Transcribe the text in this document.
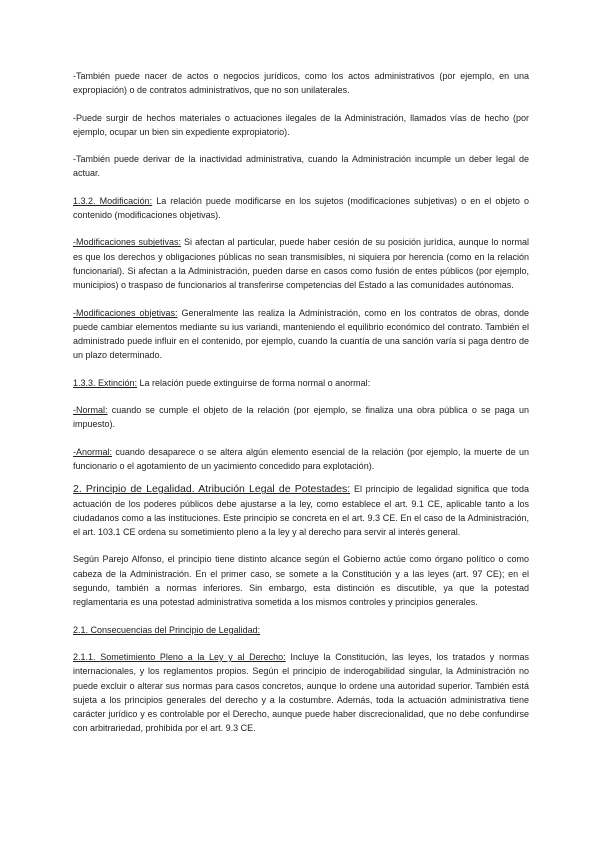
-También puede nacer de actos o negocios jurídicos, como los actos administrativos (por ejemplo, en una expropiación) o de contratos administrativos, que no son unilaterales.

-Puede surgir de hechos materiales o actuaciones ilegales de la Administración, llamados vías de hecho (por ejemplo, ocupar un bien sin expediente expropiatorio).

-También puede derivar de la inactividad administrativa, cuando la Administración incumple un deber legal de actuar.

1.3.2. Modificación: La relación puede modificarse en los sujetos (modificaciones subjetivas) o en el objeto o contenido (modificaciones objetivas).

-Modificaciones subjetivas: Si afectan al particular, puede haber cesión de su posición jurídica, aunque lo normal es que los derechos y obligaciones públicas no sean transmisibles, ni siquiera por herencia (como en la relación funcionarial). Si afectan a la Administración, pueden darse en casos como fusión de entes públicos (por ejemplo, municipios) o traspaso de funcionarios al transferirse competencias del Estado a las comunidades autónomas.

-Modificaciones objetivas: Generalmente las realiza la Administración, como en los contratos de obras, donde puede cambiar elementos mediante su ius variandi, manteniendo el equilibrio económico del contrato. También el administrado puede influir en el contenido, por ejemplo, cuando la cuantía de una sanción varía si paga dentro de un plazo determinado.

1.3.3. Extinción: La relación puede extinguirse de forma normal o anormal:

-Normal: cuando se cumple el objeto de la relación (por ejemplo, se finaliza una obra pública o se paga un impuesto).

-Anormal: cuando desaparece o se altera algún elemento esencial de la relación (por ejemplo, la muerte de un funcionario o el agotamiento de un yacimiento concedido para explotación).

2. Principio de Legalidad. Atribución Legal de Potestades: El principio de legalidad significa que toda actuación de los poderes públicos debe ajustarse a la ley, como establece el art. 9.1 CE, aplicable tanto a los ciudadanos como a las instituciones. Este principio se concreta en el art. 9.3 CE. En el caso de la Administración, el art. 103.1 CE ordena su sometimiento pleno a la ley y al derecho para servir al interés general.

Según Parejo Alfonso, el principio tiene distinto alcance según el Gobierno actúe como órgano político o como cabeza de la Administración. En el primer caso, se somete a la Constitución y a las leyes (art. 97 CE); en el segundo, también a normas inferiores. Sin embargo, esta distinción es discutible, ya que la potestad reglamentaria es una potestad administrativa sometida a los mismos controles y principios generales.

2.1. Consecuencias del Principio de Legalidad:

2.1.1. Sometimiento Pleno a la Ley y al Derecho: Incluye la Constitución, las leyes, los tratados y normas internacionales, y los reglamentos propios. Según el principio de inderogabilidad singular, la Administración no puede excluir o alterar sus normas para casos concretos, aunque lo ordene una autoridad superior. También está sujeta a los principios generales del derecho y a la costumbre. Además, toda la actuación administrativa tiene carácter jurídico y es controlable por el Derecho, aunque puede haber discrecionalidad, que no debe confundirse con arbitrariedad, prohibida por el art. 9.3 CE.
